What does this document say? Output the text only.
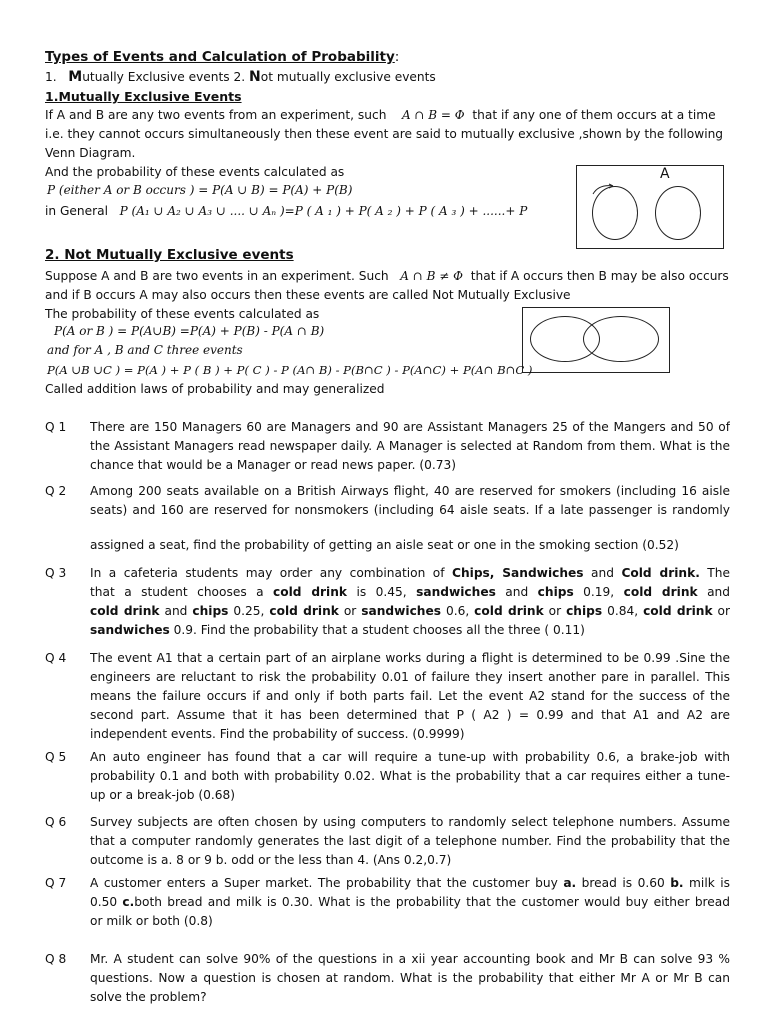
Types of Events and Calculation of Probability:
1. Mutually Exclusive events 2. Not mutually exclusive events
1.Mutually Exclusive Events
If A and B are any two events from an experiment, such A ∩ B = Φ that if any one of them occurs at a time
i.e. they cannot occurs simultaneously then these event are said to mutually exclusive ,shown by the following
Venn Diagram.
And the probability of these events calculated as
P (either A or B occurs ) = P(A ∪ B) = P(A) + P(B)
in General P (A₁ ∪ A₂ ∪ A₃ ∪ .... ∪ Aₙ )=P ( A ₁ ) + P( A ₂ ) + P ( A ₃ ) + ......+ P
A
2. Not Mutually Exclusive events
Suppose A and B are two events in an experiment. Such A ∩ B ≠ Φ that if A occurs then B may be also occurs
and if B occurs A may also occurs then these events are called Not Mutually Exclusive
The probability of these events calculated as
P(A or B ) = P(A∪B) =P(A) + P(B) - P(A ∩ B)
and for A , B and C three events
P(A ∪B ∪C ) = P(A ) + P ( B ) + P( C ) - P (A∩ B) - P(B∩C ) - P(A∩C) + P(A∩ B∩C )
Called addition laws of probability and may generalized
Q 1	There are 150 Managers 60 are Managers and 90 are Assistant Managers 25 of the Mangers and 50 of
the Assistant Managers read newspaper daily. A Manager is selected at Random from them. What is the
chance that would be a Manager or read news paper. (0.73)
Q 2	Among 200 seats available on a British Airways flight, 40 are reserved for smokers (including 16 aisle
seats) and 160 are reserved for nonsmokers (including 64 aisle seats. If a late passenger is randomly
assigned a seat, find the probability of getting an aisle seat or one in the smoking section (0.52)
Q 3	In a cafeteria students may order any combination of Chips, Sandwiches and Cold drink. The
that a student chooses a cold drink is 0.45, sandwiches and chips 0.19, cold drink and
cold drink and chips 0.25, cold drink or sandwiches 0.6, cold drink or chips 0.84, cold drink or
sandwiches 0.9. Find the probability that a student chooses all the three ( 0.11)
Q 4	The event A1 that a certain part of an airplane works during a flight is determined to be 0.99 .Sine the
engineers are reluctant to risk the probability 0.01 of failure they insert another pare in parallel. This
means the failure occurs if and only if both parts fail. Let the event A2 stand for the success of the
second part. Assume that it has been determined that P ( A2 ) = 0.99 and that A1 and A2 are
independent events. Find the probability of success. (0.9999)
Q 5	An auto engineer has found that a car will require a tune-up with probability 0.6, a brake-job with
probability 0.1 and both with probability 0.02. What is the probability that a car requires either a tune-
up or a break-job (0.68)
Q 6	Survey subjects are often chosen by using computers to randomly select telephone numbers. Assume
that a computer randomly generates the last digit of a telephone number. Find the probability that the
outcome is a. 8 or 9 b. odd or the less than 4. (Ans 0.2,0.7)
Q 7	A customer enters a Super market. The probability that the customer buy a. bread is 0.60 b. milk is
0.50 c.both bread and milk is 0.30. What is the probability that the customer would buy either bread
or milk or both (0.8)
Q 8	Mr. A student can solve 90% of the questions in a xii year accounting book and Mr B can solve 93 %
questions. Now a question is chosen at random. What is the probability that either Mr A or Mr B can
solve the problem?
